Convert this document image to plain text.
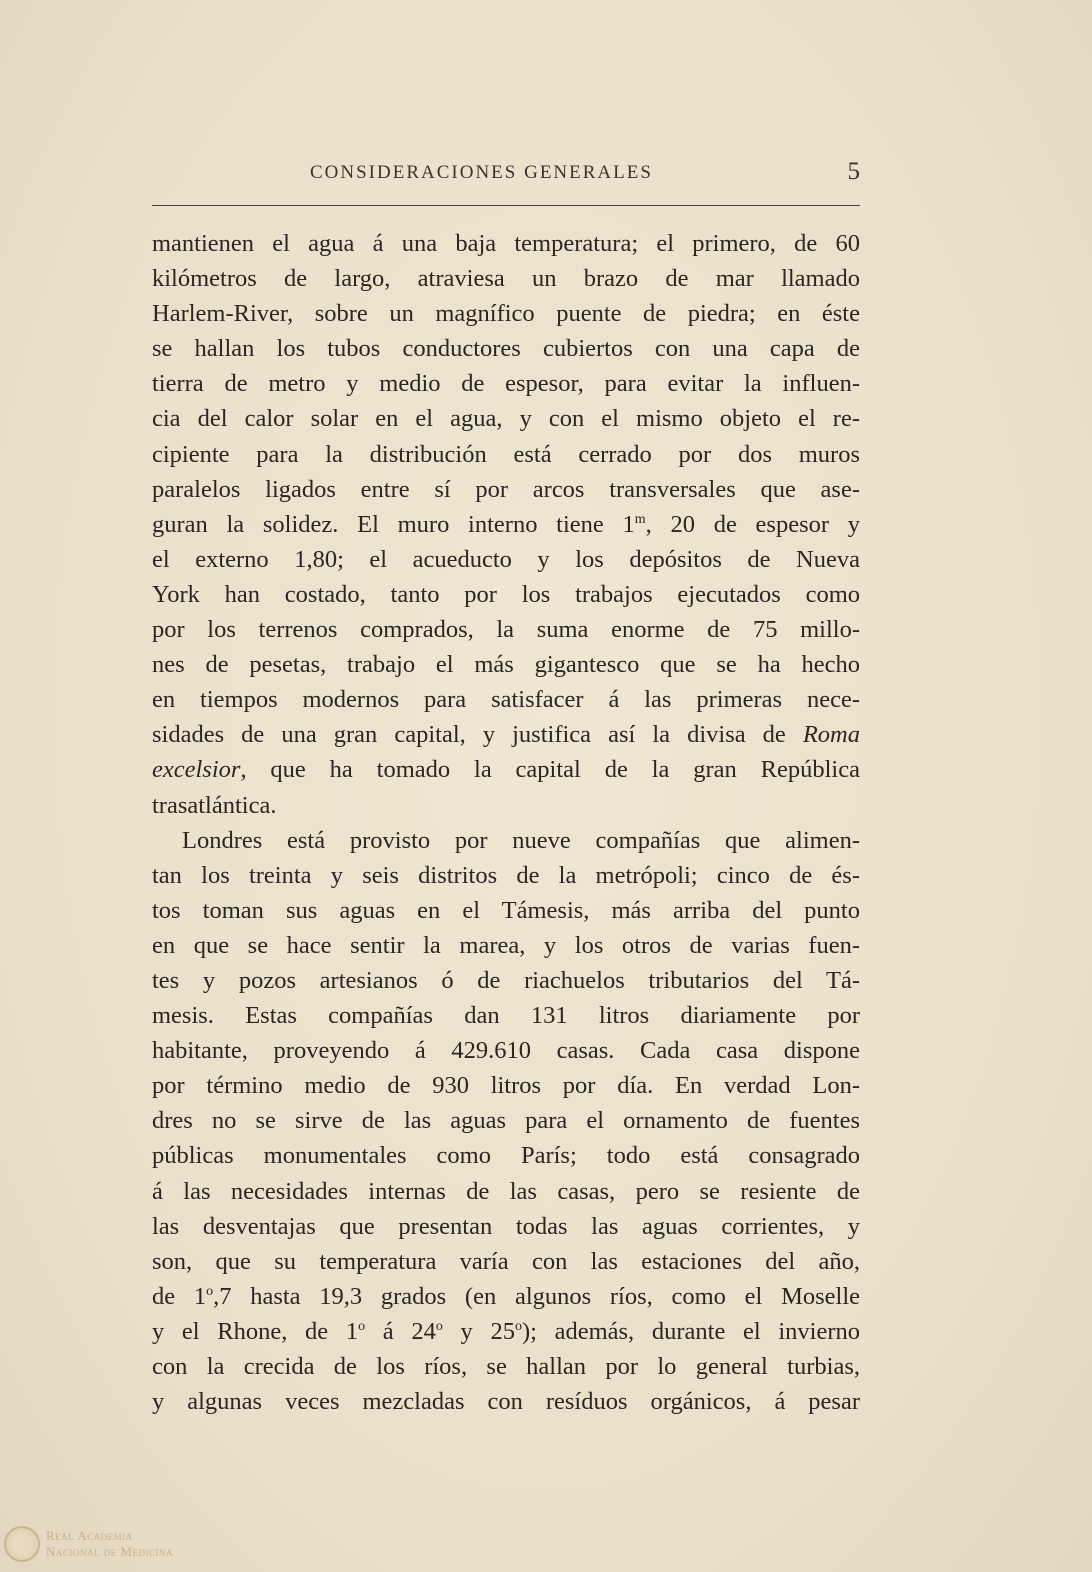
CONSIDERACIONES GENERALES	5
mantienen el agua á una baja temperatura; el primero, de 60
kilómetros de largo, atraviesa un brazo de mar llamado
Harlem-River, sobre un magnífico puente de piedra; en éste
se hallan los tubos conductores cubiertos con una capa de
tierra de metro y medio de espesor, para evitar la influen-
cia del calor solar en el agua, y con el mismo objeto el re-
cipiente para la distribución está cerrado por dos muros
paralelos ligados entre sí por arcos transversales que ase-
guran la solidez. El muro interno tiene 1$^m$, 20 de espesor y
el externo 1,80; el acueducto y los depósitos de Nueva
York han costado, tanto por los trabajos ejecutados como
por los terrenos comprados, la suma enorme de 75 millo-
nes de pesetas, trabajo el más gigantesco que se ha hecho
en tiempos modernos para satisfacer á las primeras nece-
sidades de una gran capital, y justifica así la divisa de Roma
excelsior, que ha tomado la capital de la gran República
trasatlántica.
Londres está provisto por nueve compañías que alimen-
tan los treinta y seis distritos de la metrópoli; cinco de és-
tos toman sus aguas en el Támesis, más arriba del punto
en que se hace sentir la marea, y los otros de varias fuen-
tes y pozos artesianos ó de riachuelos tributarios del Tá-
mesis. Estas compañías dan 131 litros diariamente por
habitante, proveyendo á 429.610 casas. Cada casa dispone
por término medio de 930 litros por día. En verdad Lon-
dres no se sirve de las aguas para el ornamento de fuentes
públicas monumentales como París; todo está consagrado
á las necesidades internas de las casas, pero se resiente de
las desventajas que presentan todas las aguas corrientes, y
son, que su temperatura varía con las estaciones del año,
de 1$^o$,7 hasta 19,3 grados (en algunos ríos, como el Moselle
y el Rhone, de 1$^o$ á 24$^o$ y 25$^o$); además, durante el invierno
con la crecida de los ríos, se hallan por lo general turbias,
y algunas veces mezcladas con resíduos orgánicos, á pesar
Real Academia
Nacional de Medicina
